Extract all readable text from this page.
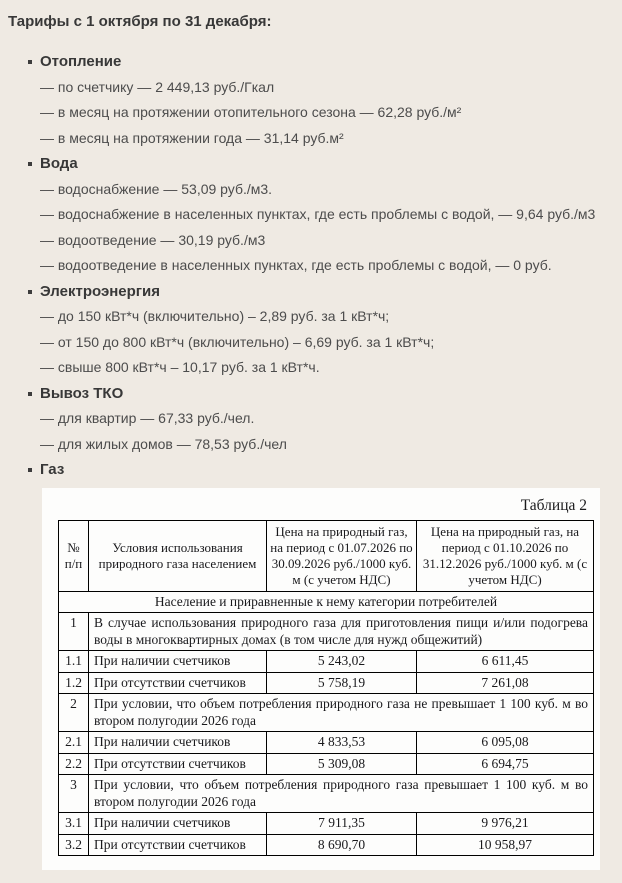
Тарифы с 1 октября по 31 декабря:

Отопление
— по счетчику — 2 449,13 руб./Гкал
— в месяц на протяжении отопительного сезона — 62,28 руб./м²
— в месяц на протяжении года — 31,14 руб.м²
Вода
— водоснабжение — 53,09 руб./м3.
— водоснабжение в населенных пунктах, где есть проблемы с водой, — 9,64 руб./м3
— водоотведение — 30,19 руб./м3
— водоотведение в населенных пунктах, где есть проблемы с водой, — 0 руб.
Электроэнергия
— до 150 кВт*ч (включительно) – 2,89 руб. за 1 кВт*ч;
— от 150 до 800 кВт*ч (включительно) – 6,69 руб. за 1 кВт*ч;
— свыше 800 кВт*ч – 10,17 руб. за 1 кВт*ч.
Вывоз ТКО
— для квартир — 67,33 руб./чел.
— для жилых домов — 78,53 руб./чел
Газ
Таблица 2
№ п/п	Условия использования природного газа населением	Цена на природный газ, на период с 01.07.2026 по 30.09.2026 руб./1000 куб. м (с учетом НДС)	Цена на природный газ, на период с 01.10.2026 по 31.12.2026 руб./1000 куб. м (с учетом НДС)
Население и приравненные к нему категории потребителей			
1	В случае использования природного газа для приготовления пищи и/или подогрева воды в многоквартирных домах (в том числе для нужд общежитий)		
1.1	При наличии счетчиков	5 243,02	6 611,45
1.2	При отсутствии счетчиков	5 758,19	7 261,08
2	При условии, что объем потребления природного газа не превышает 1 100 куб. м во втором полугодии 2026 года		
2.1	При наличии счетчиков	4 833,53	6 095,08
2.2	При отсутствии счетчиков	5 309,08	6 694,75
3	При условии, что объем потребления природного газа превышает 1 100 куб. м во втором полугодии 2026 года		
3.1	При наличии счетчиков	7 911,35	9 976,21
3.2	При отсутствии счетчиков	8 690,70	10 958,97
